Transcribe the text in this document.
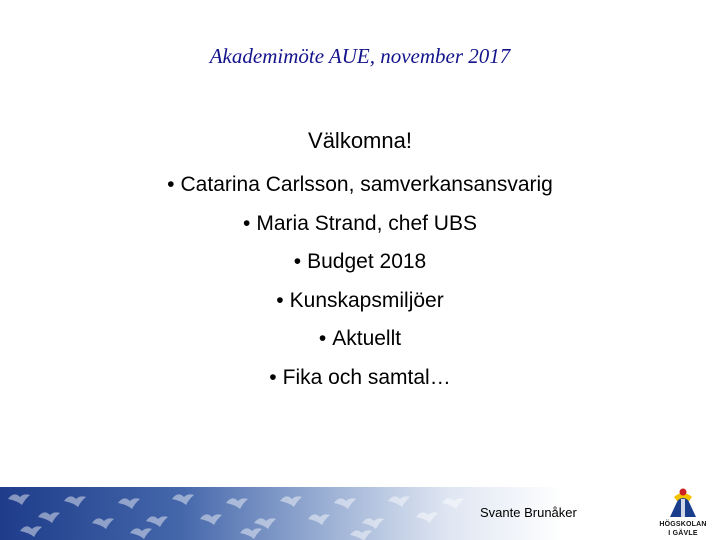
Akademimöte AUE, november 2017
Välkomna!
• Catarina Carlsson, samverkansansvarig
• Maria Strand, chef UBS
• Budget 2018
• Kunskapsmiljöer
• Aktuellt
• Fika och samtal…
Svante Brunåker
HÖGSKOLAN
I GÄVLE
